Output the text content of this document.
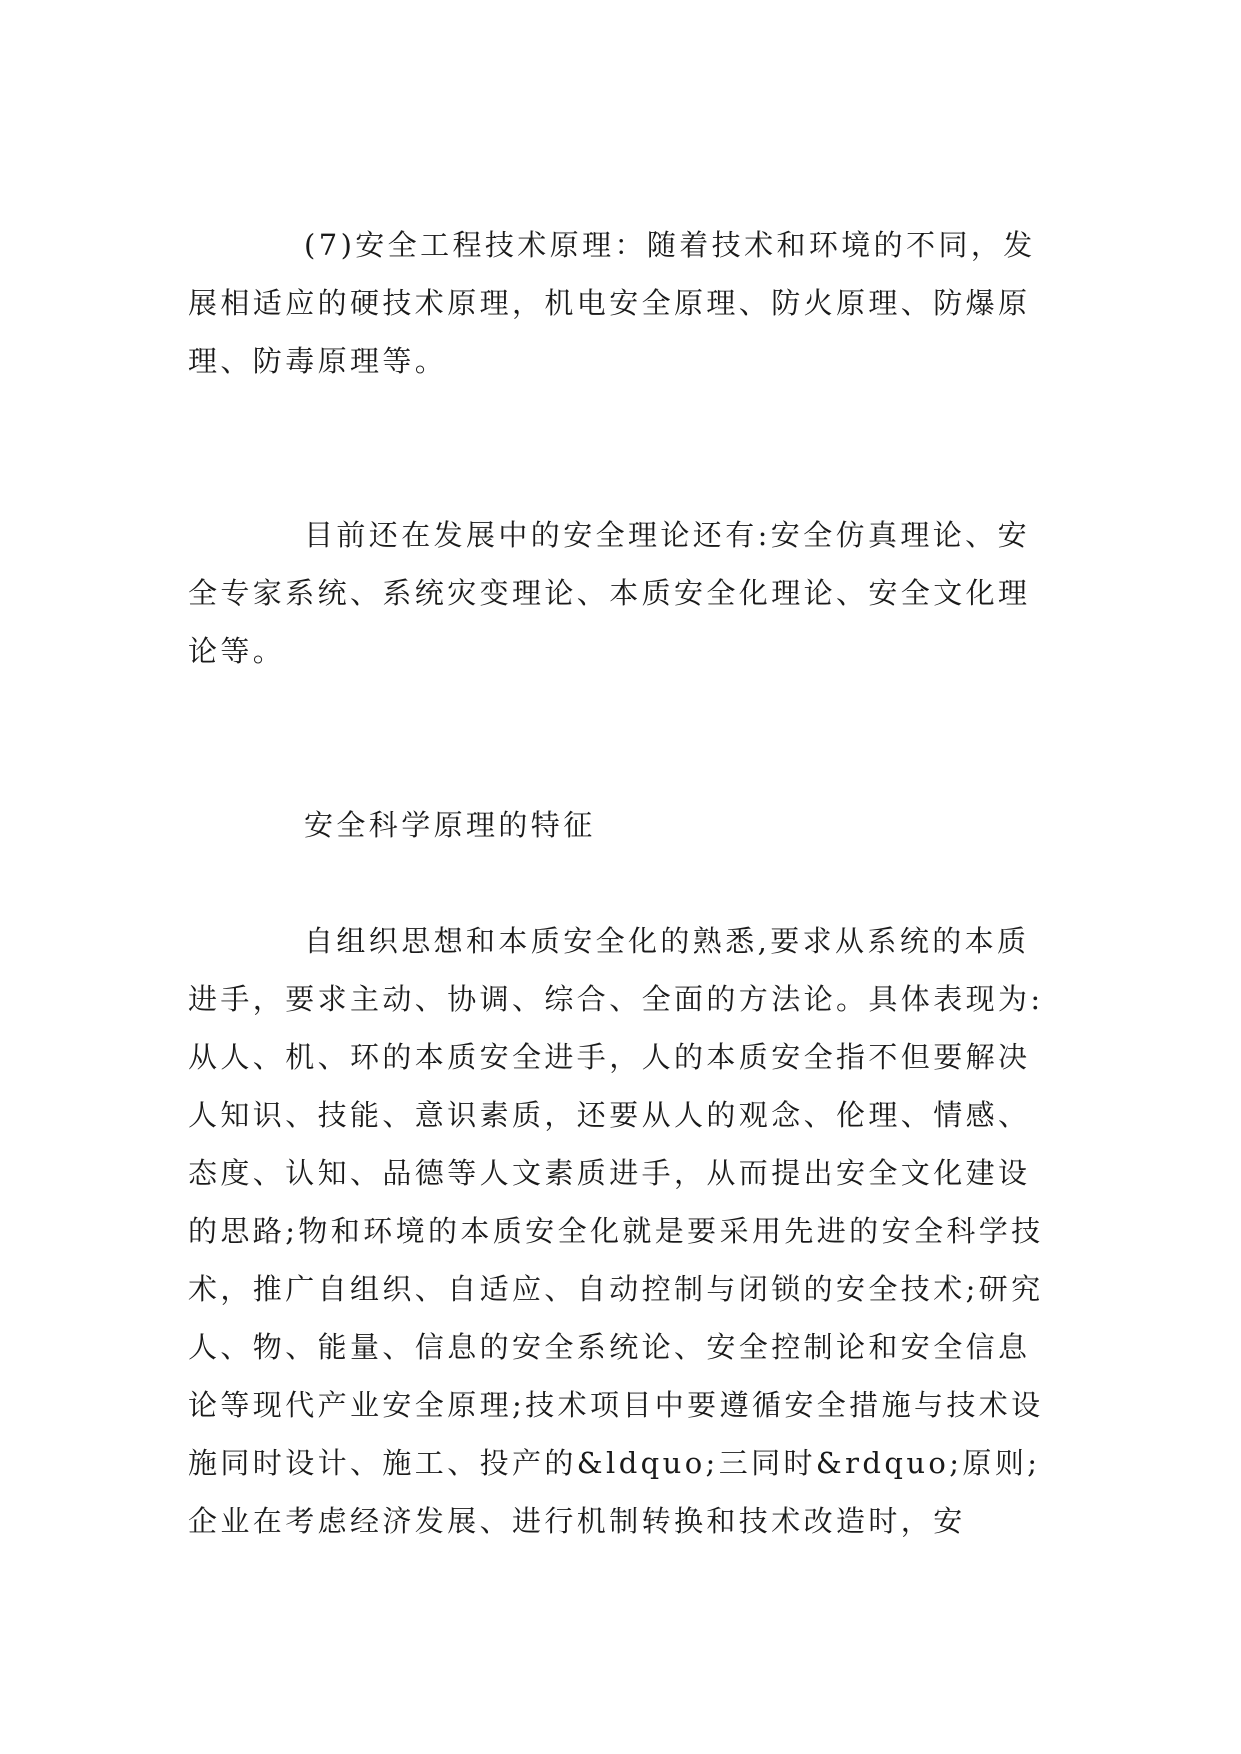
(7)安全工程技术原理：随着技术和环境的不同，发展相适应的硬技术原理，机电安全原理、防火原理、防爆原理、防毒原理等。

目前还在发展中的安全理论还有:安全仿真理论、安全专家系统、系统灾变理论、本质安全化理论、安全文化理论等。

安全科学原理的特征

自组织思想和本质安全化的熟悉,要求从系统的本质进手，要求主动、协调、综合、全面的方法论。具体表现为:从人、机、环的本质安全进手，人的本质安全指不但要解决人知识、技能、意识素质，还要从人的观念、伦理、情感、态度、认知、品德等人文素质进手，从而提出安全文化建设的思路;物和环境的本质安全化就是要采用先进的安全科学技术，推广自组织、自适应、自动控制与闭锁的安全技术;研究人、物、能量、信息的安全系统论、安全控制论和安全信息论等现代产业安全原理;技术项目中要遵循安全措施与技术设施同时设计、施工、投产的&ldquo;三同时&rdquo;原则;企业在考虑经济发展、进行机制转换和技术改造时，安
